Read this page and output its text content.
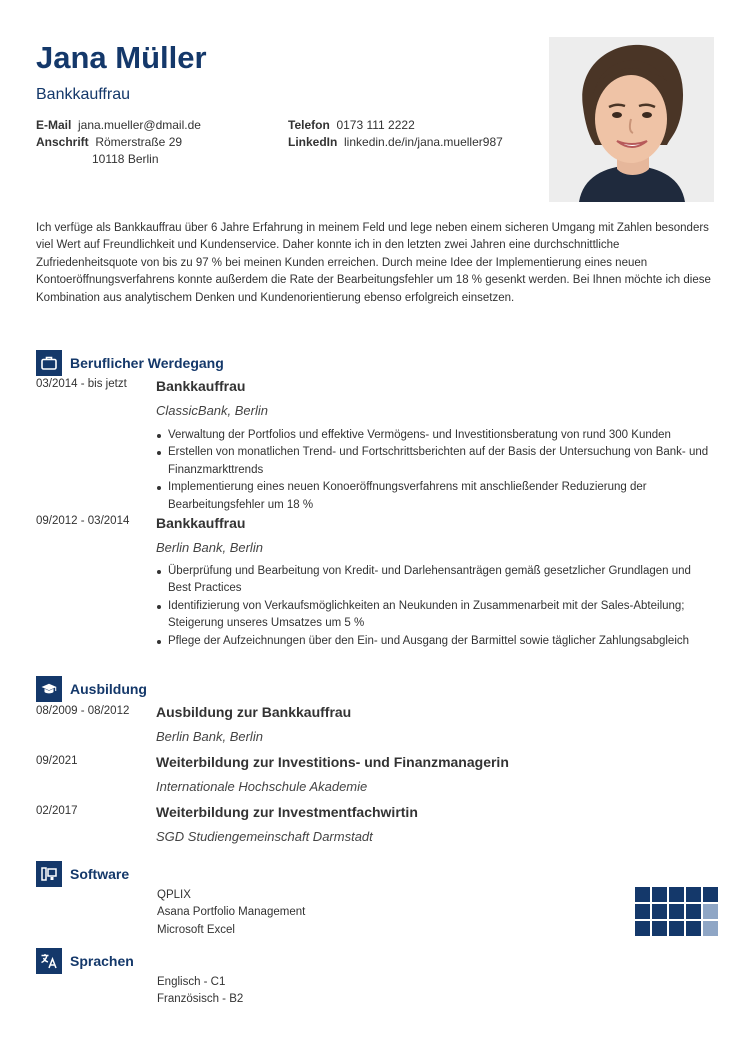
Jana Müller
Bankkauffrau
E-Mail jana.mueller@dmail.de
Anschrift Römerstraße 29
10118 Berlin
Telefon 0173 111 2222
LinkedIn linkedin.de/in/jana.mueller987

Ich verfüge als Bankkauffrau über 6 Jahre Erfahrung in meinem Feld und lege neben einem sicheren Umgang mit Zahlen besonders viel Wert auf Freundlichkeit und Kundenservice. Daher konnte ich in den letzten zwei Jahren eine durchschnittliche Zufriedenheitsquote von bis zu 97 % bei meinen Kunden erreichen. Durch meine Idee der Implementierung eines neuen Kontoeröffnungsverfahrens konnte außerdem die Rate der Bearbeitungsfehler um 18 % gesenkt werden. Bei Ihnen möchte ich diese Kombination aus analytischem Denken und Kundenorientierung ebenso erfolgreich einsetzen.

Beruflicher Werdegang
03/2014 - bis jetzt Bankkauffrau
ClassicBank, Berlin
Verwaltung der Portfolios und effektive Vermögens- und Investitionsberatung von rund 300 Kunden
Erstellen von monatlichen Trend- und Fortschrittsberichten auf der Basis der Untersuchung von Bank- und Finanzmarkttrends
Implementierung eines neuen Konoeröffnungsverfahrens mit anschließender Reduzierung der Bearbeitungsfehler um 18 %
09/2012 - 03/2014 Bankkauffrau
Berlin Bank, Berlin
Überprüfung und Bearbeitung von Kredit- und Darlehensanträgen gemäß gesetzlicher Grundlagen und Best Practices
Identifizierung von Verkaufsmöglichkeiten an Neukunden in Zusammenarbeit mit der Sales-Abteilung; Steigerung unseres Umsatzes um 5 %
Pflege der Aufzeichnungen über den Ein- und Ausgang der Barmittel sowie täglicher Zahlungsabgleich
Ausbildung
08/2009 - 08/2012 Ausbildung zur Bankkauffrau
Berlin Bank, Berlin
09/2021	Weiterbildung zur Investitions- und Finanzmanagerin
Internationale Hochschule Akademie
02/2017	Weiterbildung zur Investmentfachwirtin
SGD Studiengemeinschaft Darmstadt
Software
QPLIX
Asana Portfolio Management
Microsoft Excel
Sprachen
Englisch - C1
Französisch - B2
